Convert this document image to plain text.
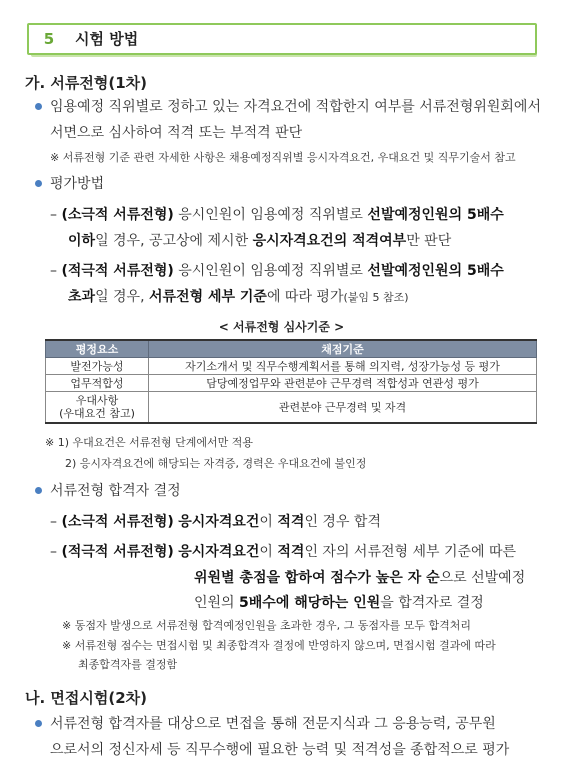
5	시험 방법
가. 서류전형(1차)
임용예정 직위별로 정하고 있는 자격요건에 적합한지 여부를 서류전형위원회에서
서면으로 심사하여 적격 또는 부적격 판단
※ 서류전형 기준 관련 자세한 사항은 채용예정직위별 응시자격요건, 우대요건 및 직무기술서 참고
평가방법
– (소극적 서류전형) 응시인원이 임용예정 직위별로 선발예정인원의 5배수
이하일 경우, 공고상에 제시한 응시자격요건의 적격여부만 판단
– (적극적 서류전형) 응시인원이 임용예정 직위별로 선발예정인원의 5배수
초과일 경우, 서류전형 세부 기준에 따라 평가(붙임 5 참조)
< 서류전형 심사기준 >
평정요소	채점기준
발전가능성	자기소개서 및 직무수행계획서를 통해 의지력, 성장가능성 등 평가
업무적합성	담당예정업무와 관련분야 근무경력 적합성과 연관성 평가
우대사항
(우대요건 참고)	관련분야 근무경력 및 자격
※ 1) 우대요건은 서류전형 단계에서만 적용
2) 응시자격요건에 해당되는 자격증, 경력은 우대요건에 불인정
서류전형 합격자 결정
– (소극적 서류전형) 응시자격요건이 적격인 경우 합격
– (적극적 서류전형) 응시자격요건이 적격인 자의 서류전형 세부 기준에 따른
위원별 총점을 합하여 점수가 높은 자 순으로 선발예정
인원의 5배수에 해당하는 인원을 합격자로 결정
※ 동점자 발생으로 서류전형 합격예정인원을 초과한 경우, 그 동점자를 모두 합격처리
※ 서류전형 점수는 면접시험 및 최종합격자 결정에 반영하지 않으며, 면접시험 결과에 따라
최종합격자를 결정함
나. 면접시험(2차)
서류전형 합격자를 대상으로 면접을 통해 전문지식과 그 응용능력, 공무원
으로서의 정신자세 등 직무수행에 필요한 능력 및 적격성을 종합적으로 평가
